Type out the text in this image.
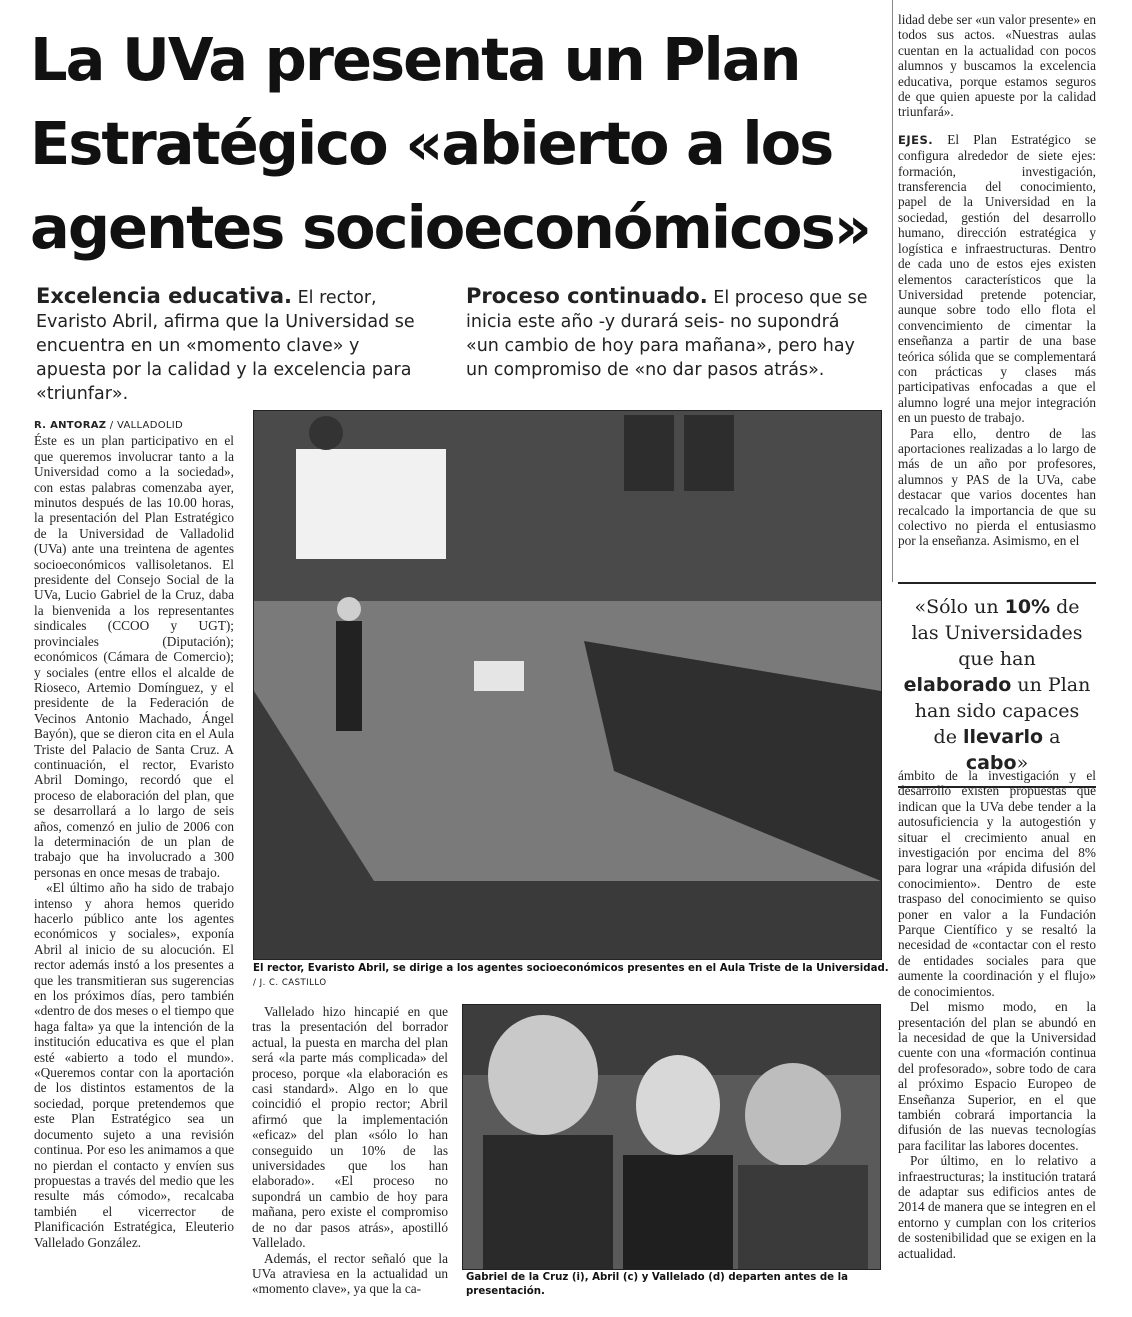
La UVa presenta un Plan Estratégico «abierto a los agentes socioeconómicos»

Excelencia educativa. El rector, Evaristo Abril, afirma que la Universidad se encuentra en un «momento clave» y apuesta por la calidad y la excelencia para «triunfar».

Proceso continuado. El proceso que se inicia este año -y durará seis- no supondrá «un cambio de hoy para mañana», pero hay un compromiso de «no dar pasos atrás».

R. ANTORAZ / VALLADOLID

Éste es un plan participativo en el que queremos involucrar tanto a la Universidad como a la sociedad», con estas palabras comenzaba ayer, minutos después de las 10.00 horas, la presentación del Plan Estratégico de la Universidad de Valladolid (UVa) ante una treintena de agentes socioeconómicos vallisoletanos. El presidente del Consejo Social de la UVa, Lucio Gabriel de la Cruz, daba la bienvenida a los representantes sindicales (CCOO y UGT); provinciales (Diputación); económicos (Cámara de Comercio); y sociales (entre ellos el alcalde de Rioseco, Artemio Domínguez, y el presidente de la Federación de Vecinos Antonio Machado, Ángel Bayón), que se dieron cita en el Aula Triste del Palacio de Santa Cruz. A continuación, el rector, Evaristo Abril Domingo, recordó que el proceso de elaboración del plan, que se desarrollará a lo largo de seis años, comenzó en julio de 2006 con la determinación de un plan de trabajo que ha involucrado a 300 personas en once mesas de trabajo.

«El último año ha sido de trabajo intenso y ahora hemos querido hacerlo público ante los agentes económicos y sociales», exponía Abril al inicio de su alocución. El rector además instó a los presentes a que les transmitieran sus sugerencias en los próximos días, pero también «dentro de dos meses o el tiempo que haga falta» ya que la intención de la institución educativa es que el plan esté «abierto a todo el mundo». «Queremos contar con la aportación de los distintos estamentos de la sociedad, porque pretendemos que este Plan Estratégico sea un documento sujeto a una revisión continua. Por eso les animamos a que no pierdan el contacto y envíen sus propuestas a través del medio que les resulte más cómodo», recalcaba también el vicerrector de Planificación Estratégica, Eleuterio Vallelado González.

El rector, Evaristo Abril, se dirige a los agentes socioeconómicos presentes en el Aula Triste de la Universidad. / J. C. CASTILLO

Vallelado hizo hincapié en que tras la presentación del borrador actual, la puesta en marcha del plan será «la parte más complicada» del proceso, porque «la elaboración es casi standard». Algo en lo que coincidió el propio rector; Abril afirmó que la implementación «eficaz» del plan «sólo lo han conseguido un 10% de las universidades que los han elaborado». «El proceso no supondrá un cambio de hoy para mañana, pero existe el compromiso de no dar pasos atrás», apostilló Vallelado.

Además, el rector señaló que la UVa atraviesa en la actualidad un «momento clave», ya que la ca-

Gabriel de la Cruz (i), Abril (c) y Vallelado (d) departen antes de la presentación.

lidad debe ser «un valor presente» en todos sus actos. «Nuestras aulas cuentan en la actualidad con pocos alumnos y buscamos la excelencia educativa, porque estamos seguros de que quien apueste por la calidad triunfará».

EJES. El Plan Estratégico se configura alrededor de siete ejes: formación, investigación, transferencia del conocimiento, papel de la Universidad en la sociedad, gestión del desarrollo humano, dirección estratégica y logística e infraestructuras. Dentro de cada uno de estos ejes existen elementos característicos que la Universidad pretende potenciar, aunque sobre todo ello flota el convencimiento de cimentar la enseñanza a partir de una base teórica sólida que se complementará con prácticas y clases más participativas enfocadas a que el alumno logré una mejor integración en un puesto de trabajo.

Para ello, dentro de las aportaciones realizadas a lo largo de más de un año por profesores, alumnos y PAS de la UVa, cabe destacar que varios docentes han recalcado la importancia de que su colectivo no pierda el entusiasmo por la enseñanza. Asimismo, en el

«Sólo un 10% de las Universidades que han elaborado un Plan han sido capaces de llevarlo a cabo»

ámbito de la investigación y el desarrollo existen propuestas que indican que la UVa debe tender a la autosuficiencia y la autogestión y situar el crecimiento anual en investigación por encima del 8% para lograr una «rápida difusión del conocimiento». Dentro de este traspaso del conocimiento se quiso poner en valor a la Fundación Parque Científico y se resaltó la necesidad de «contactar con el resto de entidades sociales para que aumente la coordinación y el flujo» de conocimientos.

Del mismo modo, en la presentación del plan se abundó en la necesidad de que la Universidad cuente con una «formación continua del profesorado», sobre todo de cara al próximo Espacio Europeo de Enseñanza Superior, en el que también cobrará importancia la difusión de las nuevas tecnologías para facilitar las labores docentes.

Por último, en lo relativo a infraestructuras; la institución tratará de adaptar sus edificios antes de 2014 de manera que se integren en el entorno y cumplan con los criterios de sostenibilidad que se exigen en la actualidad.
